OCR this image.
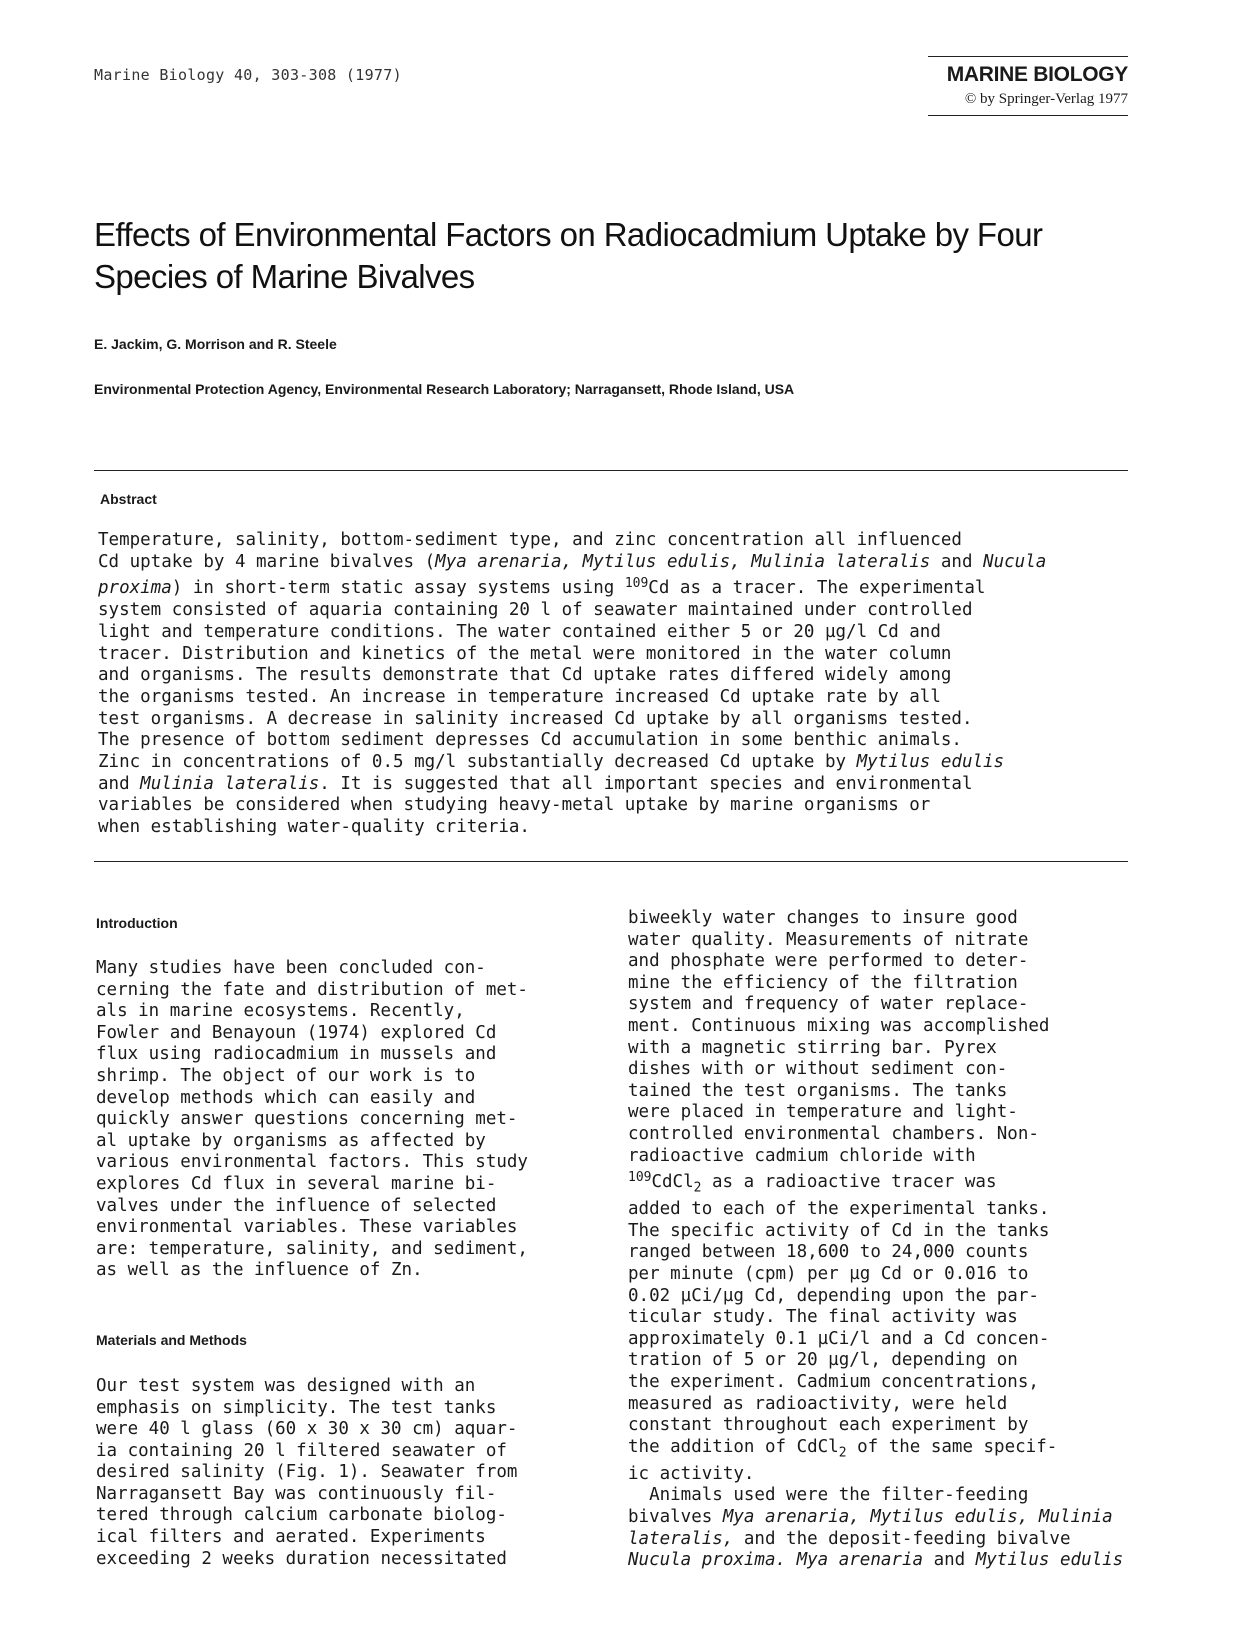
Marine Biology 40, 303-308 (1977)	MARINE BIOLOGY
© by Springer-Verlag 1977
Effects of Environmental Factors on Radiocadmium Uptake by Four
Species of Marine Bivalves
E. Jackim, G. Morrison and R. Steele
Environmental Protection Agency, Environmental Research Laboratory; Narragansett, Rhode Island, USA
Abstract

Temperature, salinity, bottom-sediment type, and zinc concentration all influenced
Cd uptake by 4 marine bivalves (Mya arenaria, Mytilus edulis, Mulinia lateralis and Nucula
proxima) in short-term static assay systems using $^{109}$Cd as a tracer. The experimental
system consisted of aquaria containing 20 l of seawater maintained under controlled
light and temperature conditions. The water contained either 5 or 20 µg/l Cd and
tracer. Distribution and kinetics of the metal were monitored in the water column
and organisms. The results demonstrate that Cd uptake rates differed widely among
the organisms tested. An increase in temperature increased Cd uptake rate by all
test organisms. A decrease in salinity increased Cd uptake by all organisms tested.
The presence of bottom sediment depresses Cd accumulation in some benthic animals.
Zinc in concentrations of 0.5 mg/l substantially decreased Cd uptake by Mytilus edulis
and Mulinia lateralis. It is suggested that all important species and environmental
variables be considered when studying heavy-metal uptake by marine organisms or
when establishing water-quality criteria.

Introduction

Many studies have been concluded con-
cerning the fate and distribution of met-
als in marine ecosystems. Recently,
Fowler and Benayoun (1974) explored Cd
flux using radiocadmium in mussels and
shrimp. The object of our work is to
develop methods which can easily and
quickly answer questions concerning met-
al uptake by organisms as affected by
various environmental factors. This study
explores Cd flux in several marine bi-
valves under the influence of selected
environmental variables. These variables
are: temperature, salinity, and sediment,
as well as the influence of Zn.

Materials and Methods

Our test system was designed with an
emphasis on simplicity. The test tanks
were 40 l glass (60 x 30 x 30 cm) aquar-
ia containing 20 l filtered seawater of
desired salinity (Fig. 1). Seawater from
Narragansett Bay was continuously fil-
tered through calcium carbonate biolog-
ical filters and aerated. Experiments
exceeding 2 weeks duration necessitated

biweekly water changes to insure good
water quality. Measurements of nitrate
and phosphate were performed to deter-
mine the efficiency of the filtration
system and frequency of water replace-
ment. Continuous mixing was accomplished
with a magnetic stirring bar. Pyrex
dishes with or without sediment con-
tained the test organisms. The tanks
were placed in temperature and light-
controlled environmental chambers. Non-
radioactive cadmium chloride with
$^{109}$CdCl$_2$ as a radioactive tracer was
added to each of the experimental tanks.
The specific activity of Cd in the tanks
ranged between 18,600 to 24,000 counts
per minute (cpm) per µg Cd or 0.016 to
0.02 µCi/µg Cd, depending upon the par-
ticular study. The final activity was
approximately 0.1 µCi/l and a Cd concen-
tration of 5 or 20 µg/l, depending on
the experiment. Cadmium concentrations,
measured as radioactivity, were held
constant throughout each experiment by
the addition of CdCl$_2$ of the same specif-
ic activity.
Animals used were the filter-feeding
bivalves Mya arenaria, Mytilus edulis, Mulinia
lateralis, and the deposit-feeding bivalve
Nucula proxima. Mya arenaria and Mytilus edulis
